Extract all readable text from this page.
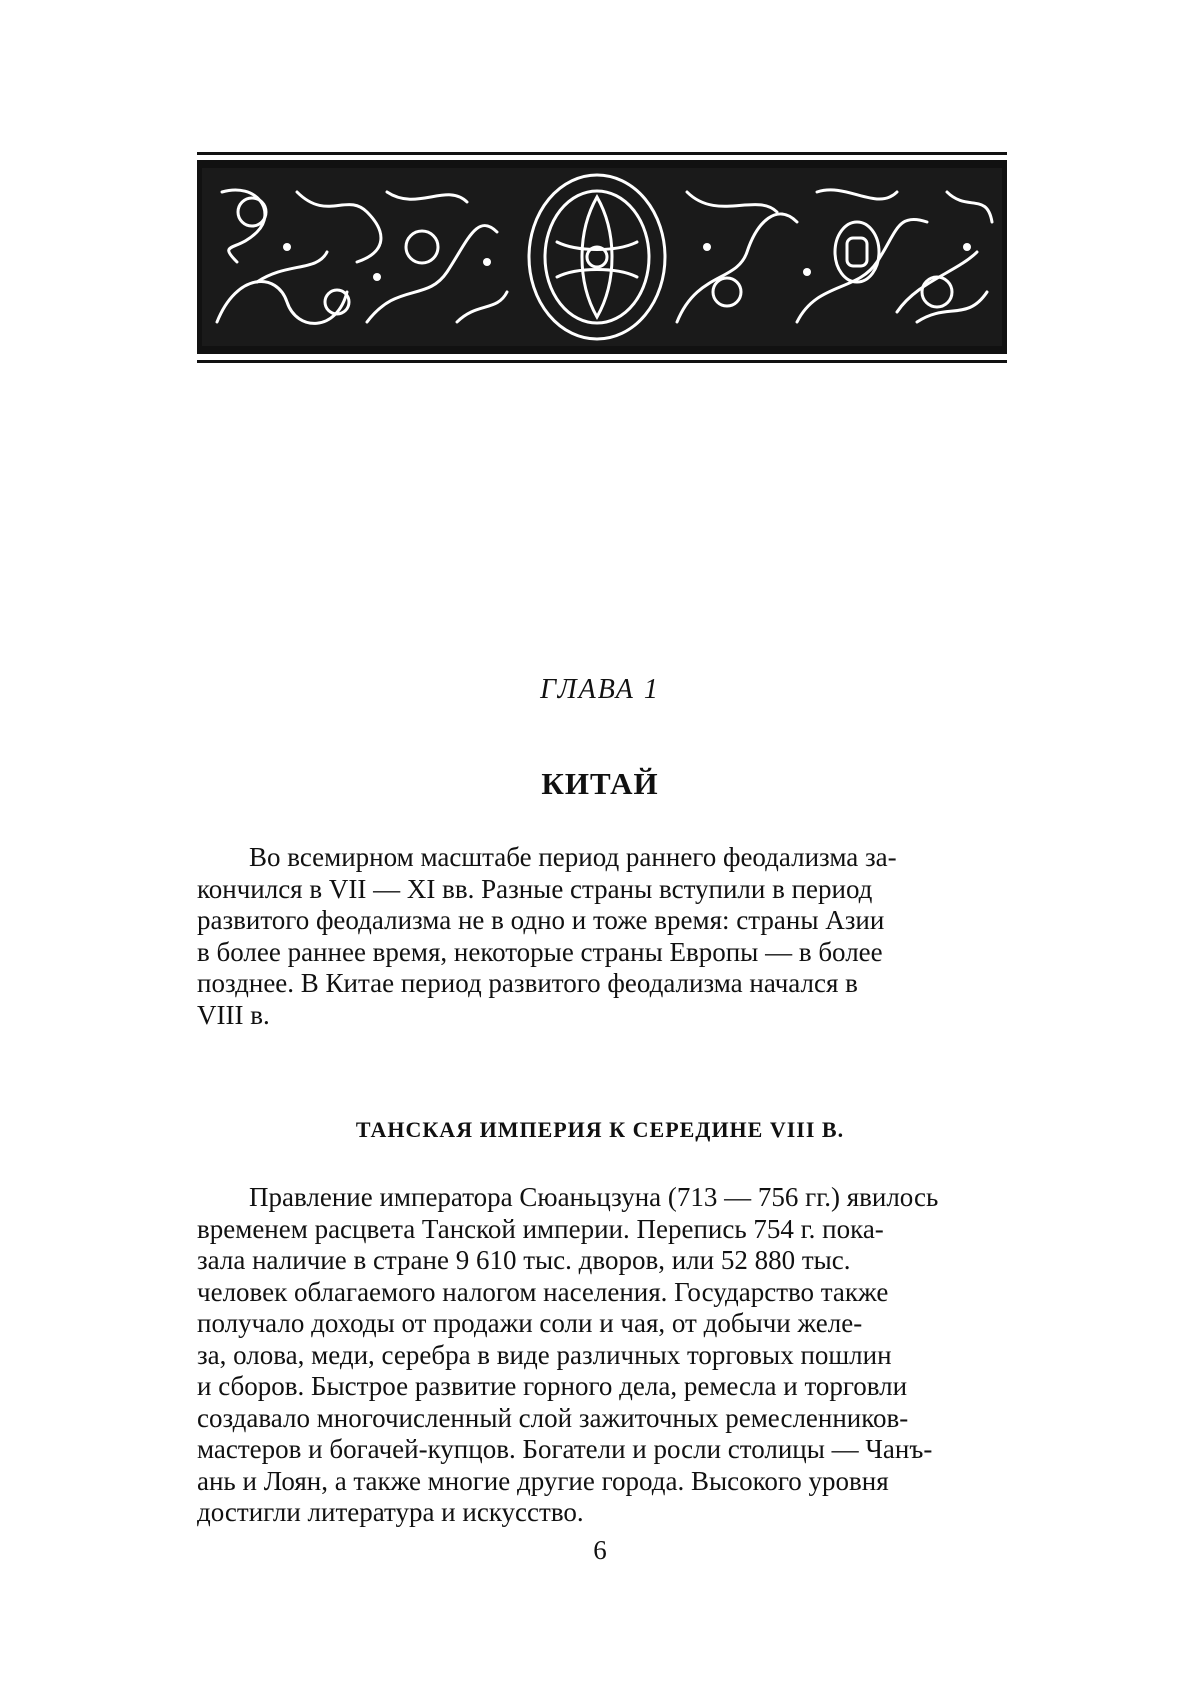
ГЛАВА 1
КИТАЙ
Во всемирном масштабе период раннего феодализма за-
кончился в VII — XI вв. Разные страны вступили в период
развитого феодализма не в одно и тоже время: страны Азии
в более раннее время, некоторые страны Европы — в более
позднее. В Китае период развитого феодализма начался в
VIII в.
ТАНСКАЯ ИМПЕРИЯ К СЕРЕДИНЕ VIII В.
Правление императора Сюаньцзуна (713 — 756 гг.) явилось
временем расцвета Танской империи. Перепись 754 г. пока-
зала наличие в стране 9 610 тыс. дворов, или 52 880 тыс.
человек облагаемого налогом населения. Государство также
получало доходы от продажи соли и чая, от добычи желе-
за, олова, меди, серебра в виде различных торговых пошлин
и сборов. Быстрое развитие горного дела, ремесла и торговли
создавало многочисленный слой зажиточных ремесленников-
мастеров и богачей-купцов. Богатели и росли столицы — Чанъ-
ань и Лоян, а также многие другие города. Высокого уровня
достигли литература и искусство.
6
